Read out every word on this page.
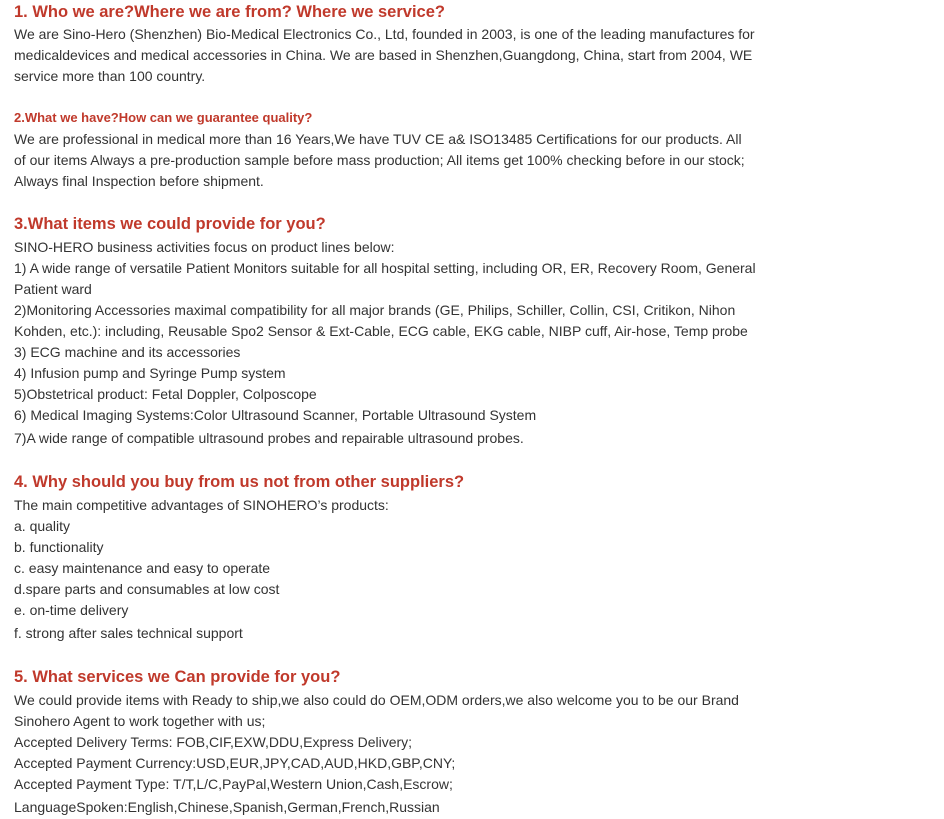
1. Who we are?Where we are from? Where we service?

We are Sino-Hero (Shenzhen) Bio-Medical Electronics Co., Ltd, founded in 2003, is one of the leading manufactures for

medicaldevices and medical accessories in China. We are based in Shenzhen,Guangdong, China, start from 2004, WE

service more than 100 country.

2.What we have?How can we guarantee quality?

We are professional in medical more than 16 Years,We have TUV CE a& ISO13485 Certifications for our products. All

of our items Always a pre-production sample before mass production; All items get 100% checking before in our stock;

Always final Inspection before shipment.

3.What items we could provide for you?

SINO-HERO business activities focus on product lines below:

1) A wide range of versatile Patient Monitors suitable for all hospital setting, including OR, ER, Recovery Room, General

Patient ward

2)Monitoring Accessories maximal compatibility for all major brands (GE, Philips, Schiller, Collin, CSI, Critikon, Nihon

Kohden, etc.): including, Reusable Spo2 Sensor & Ext-Cable, ECG cable, EKG cable, NIBP cuff, Air-hose, Temp probe

3) ECG machine and its accessories

4) Infusion pump and Syringe Pump system

5)Obstetrical product: Fetal Doppler, Colposcope

6) Medical Imaging Systems:Color Ultrasound Scanner, Portable Ultrasound System

7)A wide range of compatible ultrasound probes and repairable ultrasound probes.

4. Why should you buy from us not from other suppliers?

The main competitive advantages of SINOHERO’s products:

a. quality

b. functionality

c. easy maintenance and easy to operate

d.spare parts and consumables at low cost

e. on-time delivery

f. strong after sales technical support

5. What services we Can provide for you?

We could provide items with Ready to ship,we also could do OEM,ODM orders,we also welcome you to be our Brand

Sinohero Agent to work together with us;

Accepted Delivery Terms: FOB,CIF,EXW,DDU,Express Delivery;

Accepted Payment Currency:USD,EUR,JPY,CAD,AUD,HKD,GBP,CNY;

Accepted Payment Type: T/T,L/C,PayPal,Western Union,Cash,Escrow;

LanguageSpoken:English,Chinese,Spanish,German,French,Russian
